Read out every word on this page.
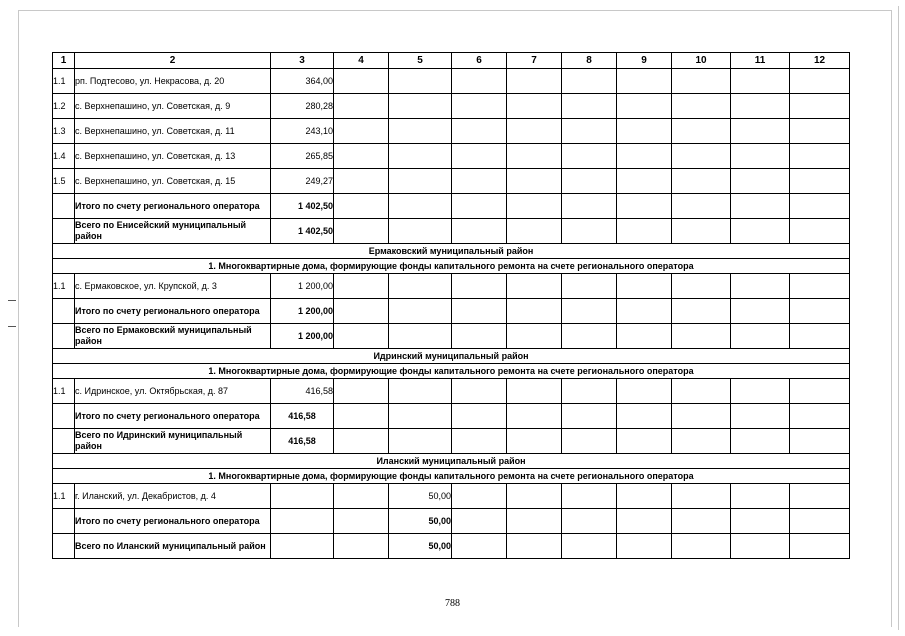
1	2	3	4	5	6	7	8	9	10	11	12
1.1	рп. Подтесово, ул. Некрасова, д. 20	364,00									
1.2	с. Верхнепашино, ул. Советская, д. 9	280,28									
1.3	с. Верхнепашино, ул. Советская, д. 11	243,10									
1.4	с. Верхнепашино, ул. Советская, д. 13	265,85									
1.5	с. Верхнепашино, ул. Советская, д. 15	249,27									
	Итого по счету регионального оператора	1 402,50									
	Всего по Енисейский муниципальный район	1 402,50									
Ермаковский муниципальный район											
1. Многоквартирные дома, формирующие фонды капитального ремонта на счете регионального оператора											
1.1	с. Ермаковское, ул. Крупской, д. 3	1 200,00									
	Итого по счету регионального оператора	1 200,00									
	Всего по Ермаковский муниципальный район	1 200,00									
Идринский муниципальный район											
1. Многоквартирные дома, формирующие фонды капитального ремонта на счете регионального оператора											
1.1	с. Идринское, ул. Октябрьская, д. 87	416,58									
	Итого по счету регионального оператора	416,58									
	Всего по Идринский муниципальный район	416,58									
Иланский муниципальный район											
1. Многоквартирные дома, формирующие фонды капитального ремонта на счете регионального оператора											
1.1	г. Иланский, ул. Декабристов, д. 4			50,00							
	Итого по счету регионального оператора			50,00							
	Всего по Иланский муниципальный район			50,00							
788
